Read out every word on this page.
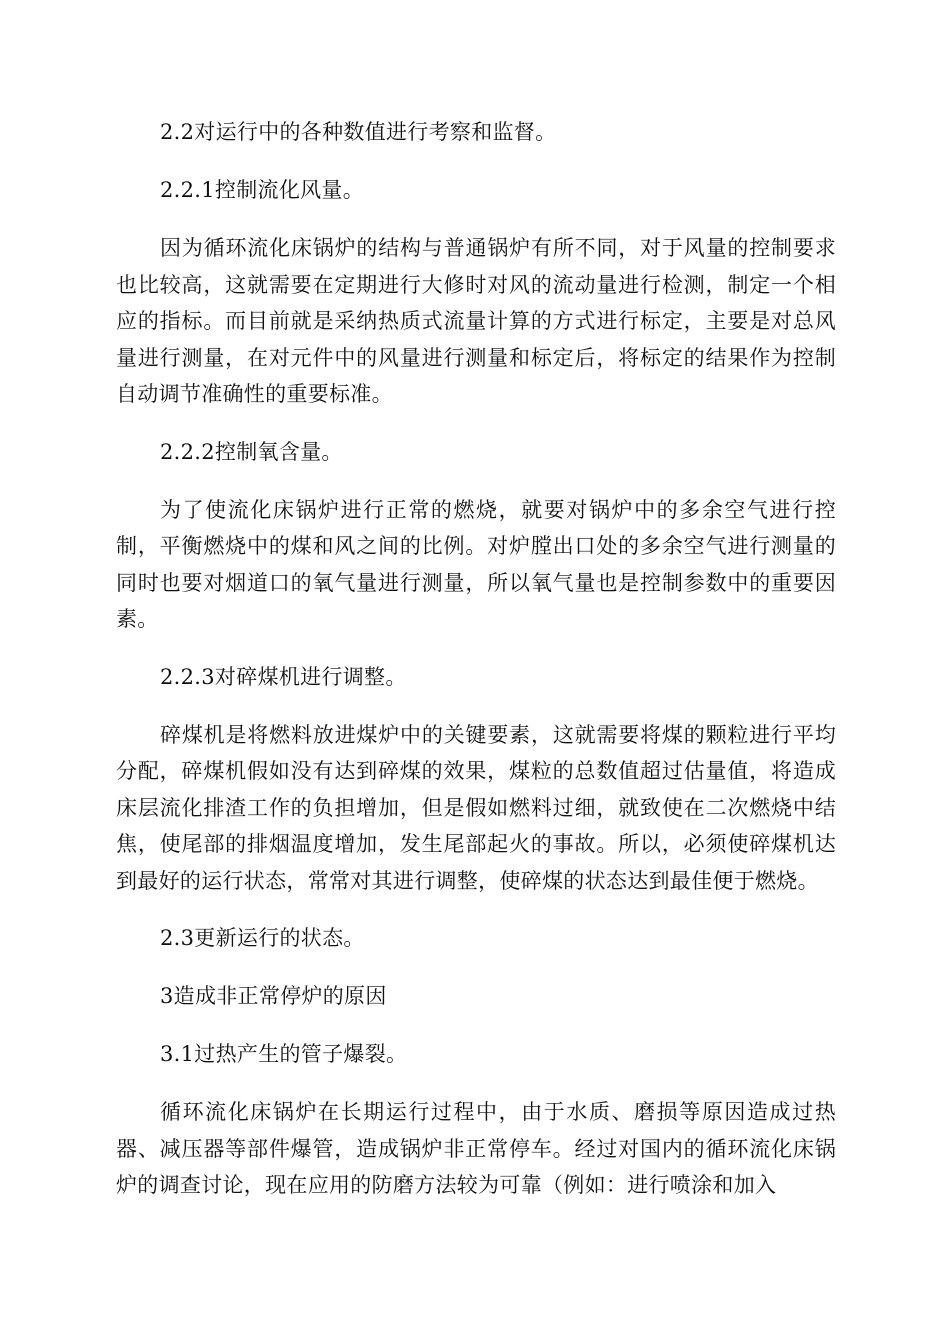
2.2对运行中的各种数值进行考察和监督。

2.2.1控制流化风量。

因为循环流化床锅炉的结构与普通锅炉有所不同，对于风量的控制要求也比较高，这就需要在定期进行大修时对风的流动量进行检测，制定一个相应的指标。而目前就是采纳热质式流量计算的方式进行标定，主要是对总风量进行测量，在对元件中的风量进行测量和标定后，将标定的结果作为控制自动调节准确性的重要标准。

2.2.2控制氧含量。

为了使流化床锅炉进行正常的燃烧，就要对锅炉中的多余空气进行控制，平衡燃烧中的煤和风之间的比例。对炉膛出口处的多余空气进行测量的同时也要对烟道口的氧气量进行测量，所以氧气量也是控制参数中的重要因素。

2.2.3对碎煤机进行调整。

碎煤机是将燃料放进煤炉中的关键要素，这就需要将煤的颗粒进行平均分配，碎煤机假如没有达到碎煤的效果，煤粒的总数值超过估量值，将造成床层流化排渣工作的负担增加，但是假如燃料过细，就致使在二次燃烧中结焦，使尾部的排烟温度增加，发生尾部起火的事故。所以，必须使碎煤机达到最好的运行状态，常常对其进行调整，使碎煤的状态达到最佳便于燃烧。

2.3更新运行的状态。

3造成非正常停炉的原因

3.1过热产生的管子爆裂。

循环流化床锅炉在长期运行过程中，由于水质、磨损等原因造成过热器、减压器等部件爆管，造成锅炉非正常停车。经过对国内的循环流化床锅炉的调查讨论，现在应用的防磨方法较为可靠（例如：进行喷涂和加入
